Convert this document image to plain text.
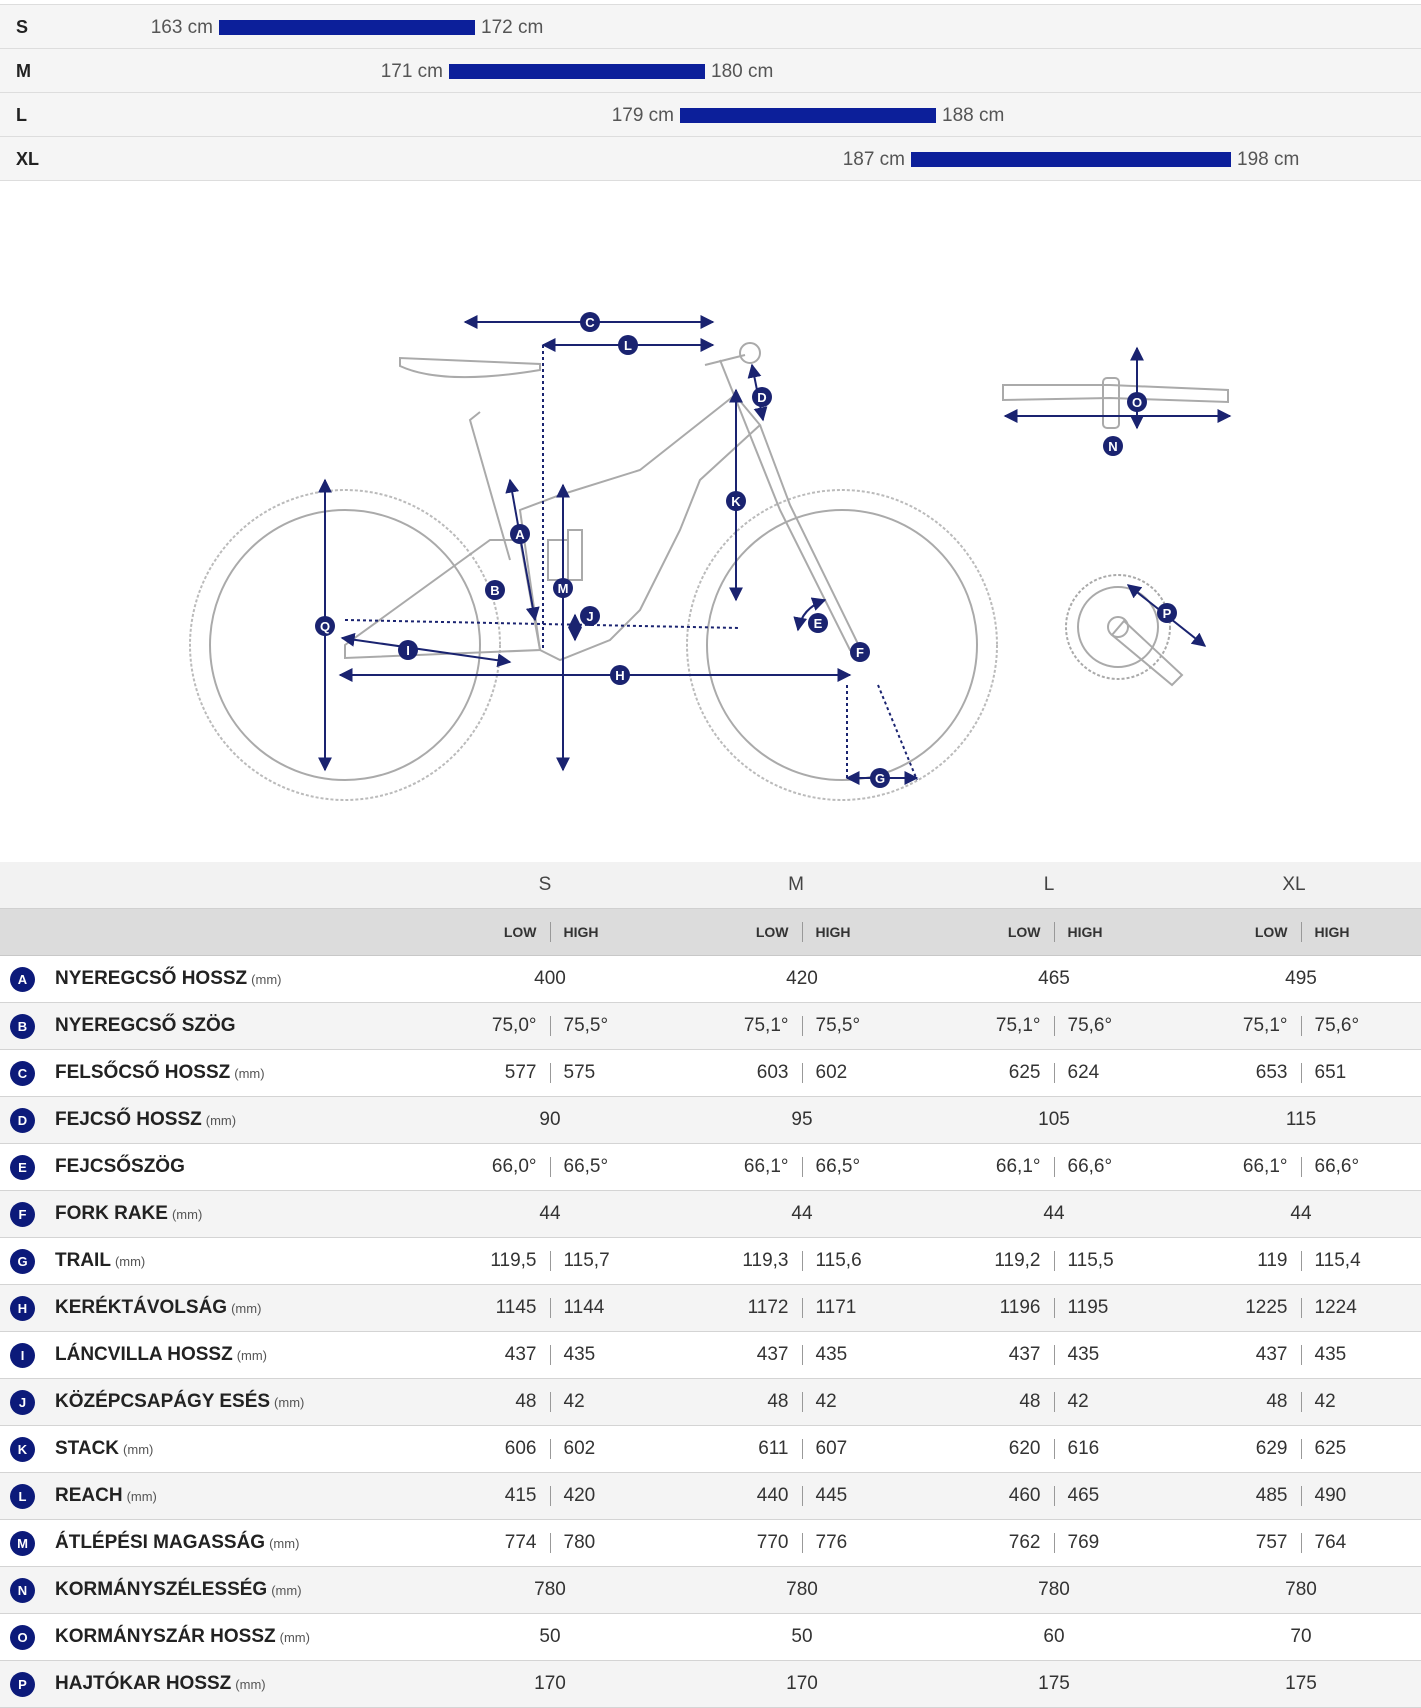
S	163 cm	172 cm
M	171 cm	180 cm
L	179 cm	188 cm
XL	187 cm	198 cm
C
L
D
K
A
B	M
J	E
F
Q
I
H
G
O
N
P
S	M	L	XL
LOW HIGH	LOW HIGH	LOW HIGH	LOW HIGH
A	NYEREGCSŐ HOSSZ (mm)	400	420	465	495
B	NYEREGCSŐ SZÖG	75,0° 75,5°	75,1° 75,5°	75,1° 75,6°	75,1° 75,6°
C	FELSŐCSŐ HOSSZ (mm)	577 575	603 602	625 624	653 651
D	FEJCSŐ HOSSZ (mm)	90	95	105	115
E	FEJCSŐSZÖG	66,0° 66,5°	66,1° 66,5°	66,1° 66,6°	66,1° 66,6°
F	FORK RAKE (mm)	44	44	44	44
G	TRAIL (mm)	119,5 115,7	119,3 115,6	119,2 115,5	119 115,4
H	KERÉKTÁVOLSÁG (mm)	1145 1144	1172 1171	1196 1195	1225 1224
I	LÁNCVILLA HOSSZ (mm)	437 435	437 435	437 435	437 435
J	KÖZÉPCSAPÁGY ESÉS (mm)	48 42	48 42	48 42	48 42
K	STACK (mm)	606 602	611 607	620 616	629 625
L	REACH (mm)	415 420	440 445	460 465	485 490
M	ÁTLÉPÉSI MAGASSÁG (mm)	774 780	770 776	762 769	757 764
N	KORMÁNYSZÉLESSÉG (mm)	780	780	780	780
O	KORMÁNYSZÁR HOSSZ (mm)	50	50	60	70
P	HAJTÓKAR HOSSZ (mm)	170	170	175	175
